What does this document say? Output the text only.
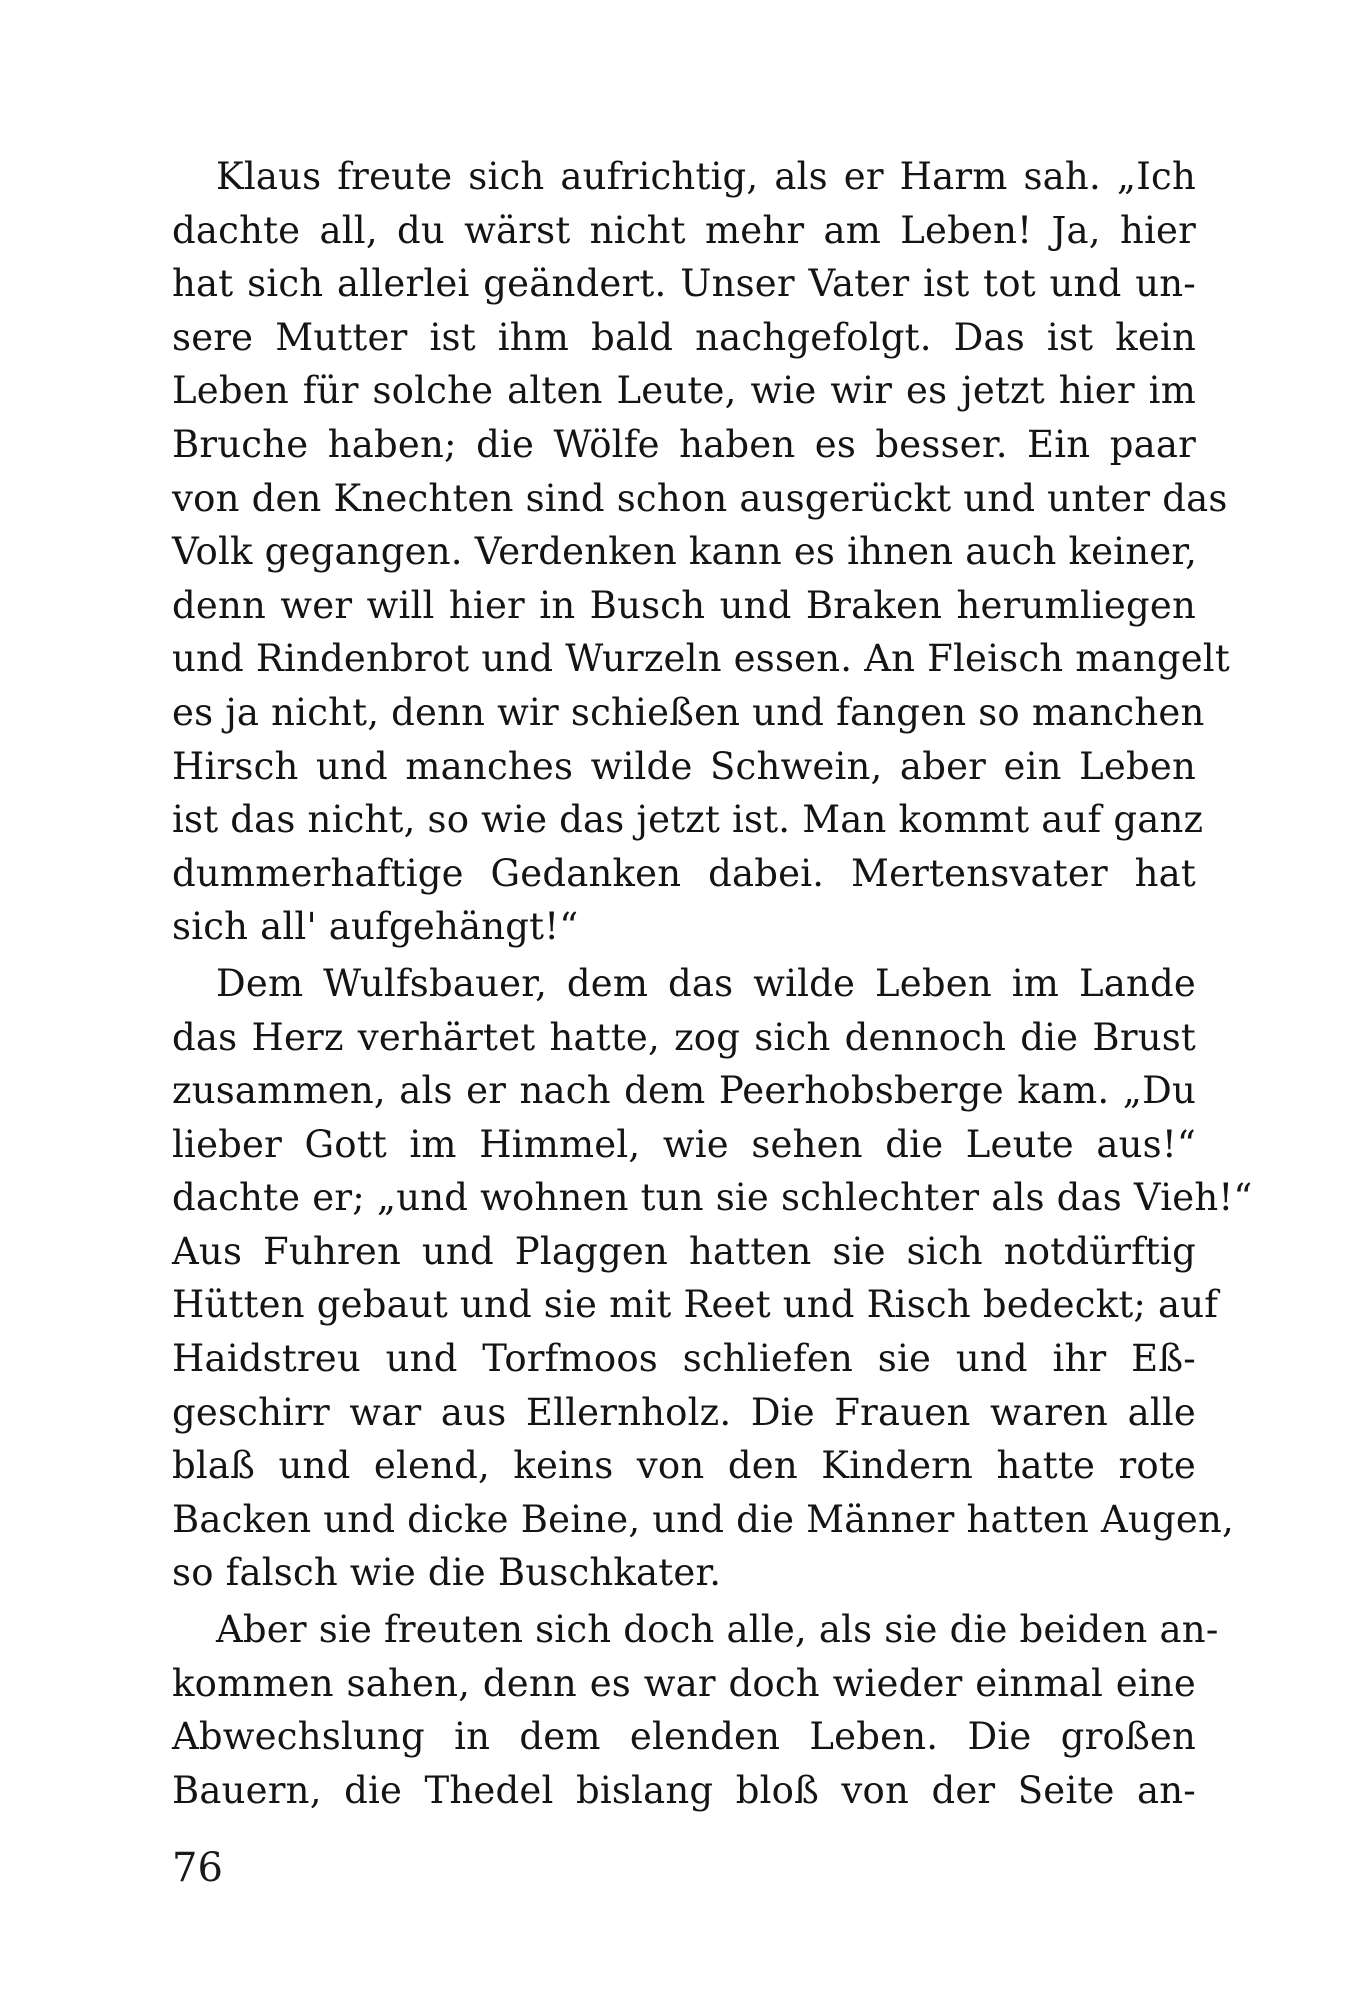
Klaus freute sich aufrichtig, als er Harm sah. „Ich
dachte all, du wärst nicht mehr am Leben! Ja, hier
hat sich allerlei geändert. Unser Vater ist tot und un-
sere Mutter ist ihm bald nachgefolgt. Das ist kein
Leben für solche alten Leute, wie wir es jetzt hier im
Bruche haben; die Wölfe haben es besser. Ein paar
von den Knechten sind schon ausgerückt und unter das
Volk gegangen. Verdenken kann es ihnen auch keiner,
denn wer will hier in Busch und Braken herumliegen
und Rindenbrot und Wurzeln essen. An Fleisch mangelt
es ja nicht, denn wir schießen und fangen so manchen
Hirsch und manches wilde Schwein, aber ein Leben
ist das nicht, so wie das jetzt ist. Man kommt auf ganz
dummerhaftige Gedanken dabei. Mertensvater hat
sich all' aufgehängt!“
Dem Wulfsbauer, dem das wilde Leben im Lande
das Herz verhärtet hatte, zog sich dennoch die Brust
zusammen, als er nach dem Peerhobsberge kam. „Du
lieber Gott im Himmel, wie sehen die Leute aus!“
dachte er; „und wohnen tun sie schlechter als das Vieh!“
Aus Fuhren und Plaggen hatten sie sich notdürftig
Hütten gebaut und sie mit Reet und Risch bedeckt; auf
Haidstreu und Torfmoos schliefen sie und ihr Eß-
geschirr war aus Ellernholz. Die Frauen waren alle
blaß und elend, keins von den Kindern hatte rote
Backen und dicke Beine, und die Männer hatten Augen,
so falsch wie die Buschkater.
Aber sie freuten sich doch alle, als sie die beiden an-
kommen sahen, denn es war doch wieder einmal eine
Abwechslung in dem elenden Leben. Die großen
Bauern, die Thedel bislang bloß von der Seite an-
76
